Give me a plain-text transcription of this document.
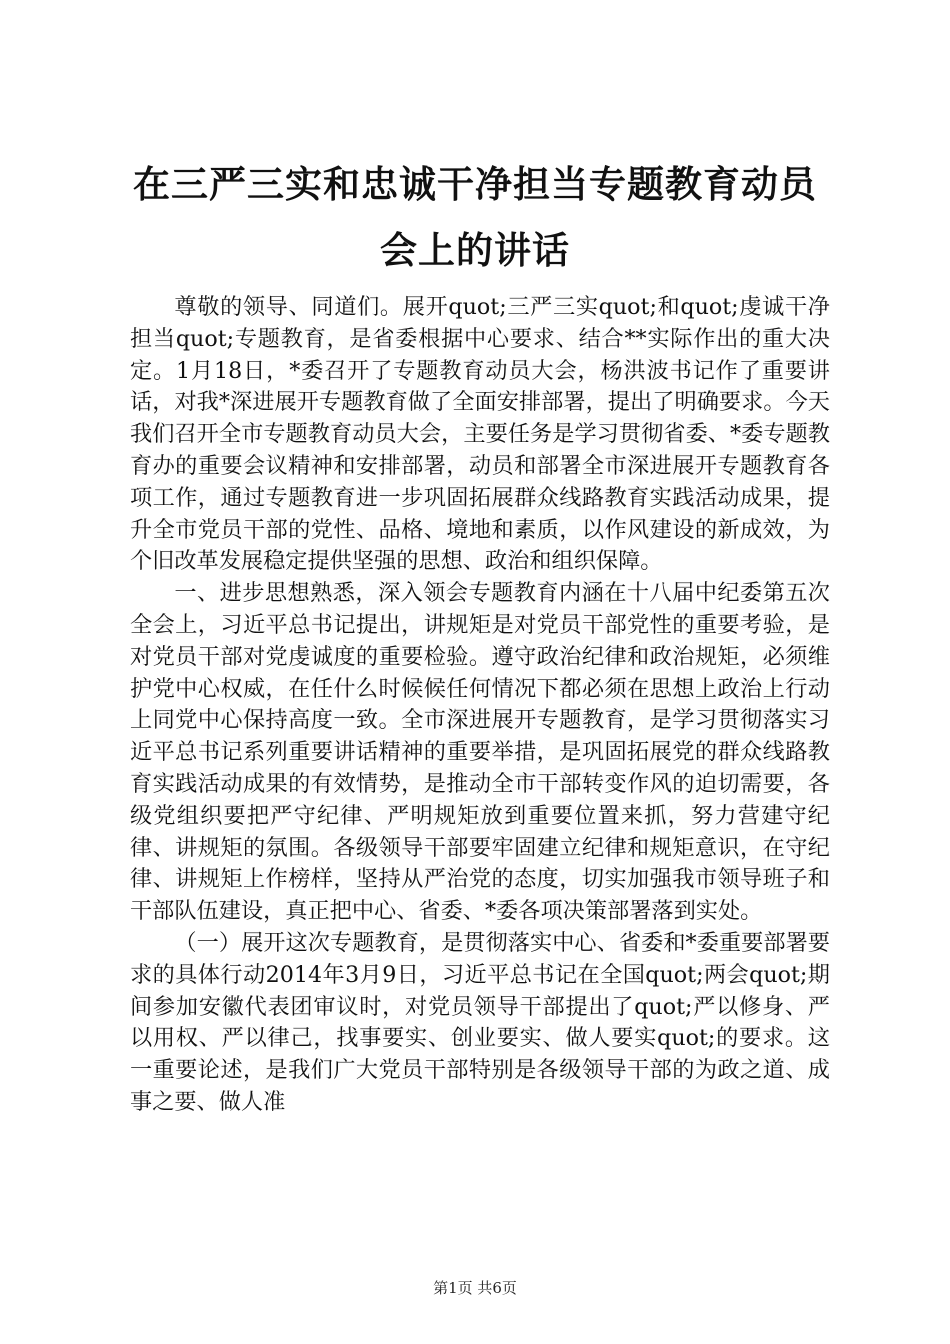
在三严三实和忠诚干净担当专题教育动员会上的讲话

尊敬的领导、同道们。展开quot;三严三实quot;和quot;虔诚干净担当quot;专题教育，是省委根据中心要求、结合**实际作出的重大决定。1月18日，*委召开了专题教育动员大会，杨洪波书记作了重要讲话，对我*深进展开专题教育做了全面安排部署，提出了明确要求。今天我们召开全市专题教育动员大会，主要任务是学习贯彻省委、*委专题教育办的重要会议精神和安排部署，动员和部署全市深进展开专题教育各项工作，通过专题教育进一步巩固拓展群众线路教育实践活动成果，提升全市党员干部的党性、品格、境地和素质，以作风建设的新成效，为个旧改革发展稳定提供坚强的思想、政治和组织保障。

一、进步思想熟悉，深入领会专题教育内涵在十八届中纪委第五次全会上，习近平总书记提出，讲规矩是对党员干部党性的重要考验，是对党员干部对党虔诚度的重要检验。遵守政治纪律和政治规矩，必须维护党中心权威，在任什么时候候任何情况下都必须在思想上政治上行动上同党中心保持高度一致。全市深进展开专题教育，是学习贯彻落实习近平总书记系列重要讲话精神的重要举措，是巩固拓展党的群众线路教育实践活动成果的有效情势，是推动全市干部转变作风的迫切需要，各级党组织要把严守纪律、严明规矩放到重要位置来抓，努力营建守纪律、讲规矩的氛围。各级领导干部要牢固建立纪律和规矩意识，在守纪律、讲规矩上作榜样，坚持从严治党的态度，切实加强我市领导班子和干部队伍建设，真正把中心、省委、*委各项决策部署落到实处。

（一）展开这次专题教育，是贯彻落实中心、省委和*委重要部署要求的具体行动2014年3月9日，习近平总书记在全国quot;两会quot;期间参加安徽代表团审议时，对党员领导干部提出了quot;严以修身、严以用权、严以律己，找事要实、创业要实、做人要实quot;的要求。这一重要论述，是我们广大党员干部特别是各级领导干部的为政之道、成事之要、做人准

第1页 共6页
